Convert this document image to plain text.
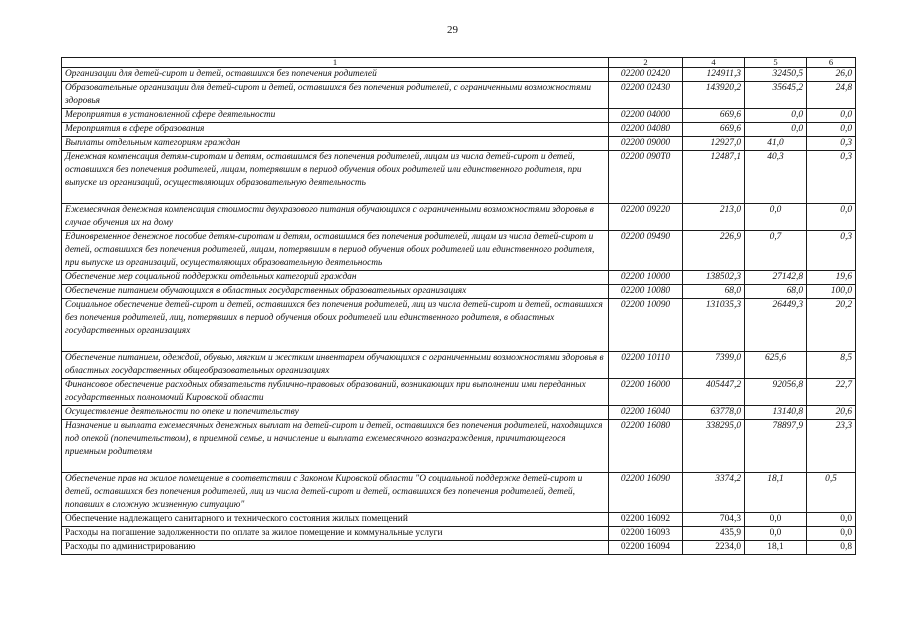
29
1	2	4	5	6
Организации для детей-сирот и детей, оставшихся без попечения родителей	02200 02420	124911,3	32450,5	26,0
Образовательные организации для детей-сирот и детей, оставшихся без попечения родителей, с ограниченными возможностями здоровья	02200 02430	143920,2	35645,2	24,8
Мероприятия в установленной сфере деятельности	02200 04000	669,6	0,0	0,0
Мероприятия в сфере образования	02200 04080	669,6	0,0	0,0
Выплаты отдельным категориям граждан	02200 09000	12927,0	41,0	0,3
Денежная компенсация детям-сиротам и детям, оставшимся без попечения родителей, лицам из числа детей-сирот и детей, оставшихся без попечения родителей, лицам, потерявшим в период обучения обоих родителей или единственного родителя, при выпуске из организаций, осуществляющих образовательную деятельность	02200 090Т0	12487,1	40,3	0,3
Ежемесячная денежная компенсация стоимости двухразового питания обучающихся с ограниченными возможностями здоровья в случае обучения их на дому	02200 09220	213,0	0,0	0,0
Единовременное денежное пособие детям-сиротам и детям, оставшимся без попечения родителей, лицам из числа детей-сирот и детей, оставшихся без попечения родителей, лицам, потерявшим в период обучения обоих родителей или единственного родителя, при выпуске из организаций, осуществляющих образовательную деятельность	02200 09490	226,9	0,7	0,3
Обеспечение мер социальной поддержки отдельных категорий граждан	02200 10000	138502,3	27142,8	19,6
Обеспечение питанием обучающихся в областных государственных образовательных организациях	02200 10080	68,0	68,0	100,0
Социальное обеспечение детей-сирот и детей, оставшихся без попечения родителей, лиц из числа детей-сирот и детей, оставшихся без попечения родителей, лиц, потерявших в период обучения обоих родителей или единственного родителя, в областных государственных организациях	02200 10090	131035,3	26449,3	20,2
Обеспечение питанием, одеждой, обувью, мягким и жестким инвентарем обучающихся с ограниченными возможностями здоровья в областных государственных общеобразовательных организациях	02200 10110	7399,0	625,6	8,5
Финансовое обеспечение расходных обязательств публично-правовых образований, возникающих при выполнении ими переданных государственных полномочий Кировской области	02200 16000	405447,2	92056,8	22,7
Осуществление деятельности по опеке и попечительству	02200 16040	63778,0	13140,8	20,6
Назначение и выплата ежемесячных денежных выплат на детей-сирот и детей, оставшихся без попечения родителей, находящихся под опекой (попечительством), в приемной семье, и начисление и выплата ежемесячного вознаграждения, причитающегося приемным родителям	02200 16080	338295,0	78897,9	23,3
Обеспечение прав на жилое помещение в соответствии с Законом Кировской области "О социальной поддержке детей-сирот и детей, оставшихся без попечения родителей, лиц из числа детей-сирот и детей, оставшихся без попечения родителей, детей, попавших в сложную жизненную ситуацию"	02200 16090	3374,2	18,1	0,5
Обеспечение надлежащего санитарного и технического состояния жилых помещений	02200 16092	704,3	0,0	0,0
Расходы на погашение задолженности по оплате за жилое помещение и коммунальные услуги	02200 16093	435,9	0,0	0,0
Расходы по администрированию	02200 16094	2234,0	18,1	0,8
